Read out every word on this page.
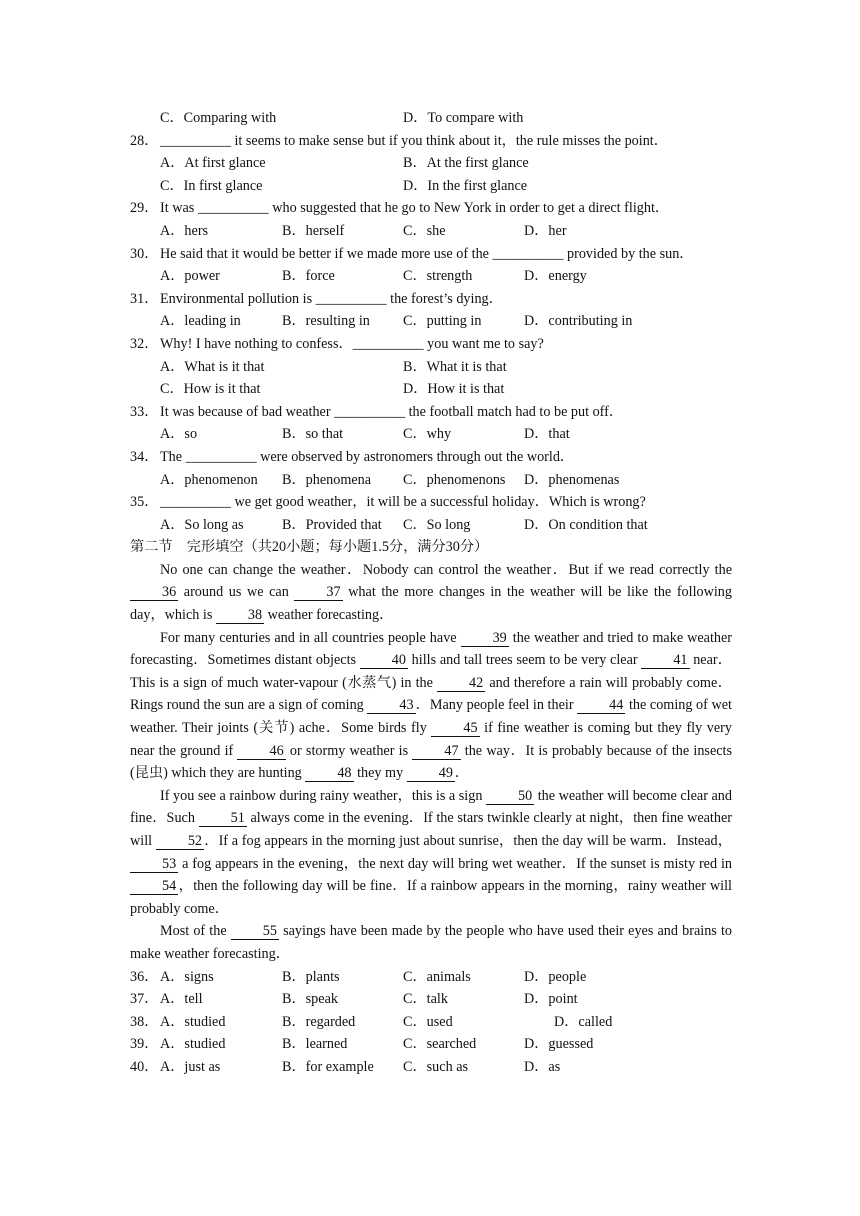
C．Comparing with	D．To compare with
28． __________ it seems to make sense but if you think about it，the rule misses the point．
A．At first glance	B．At the first glance
C．In first glance	D．In the first glance
29． It was __________ who suggested that he go to New York in order to get a direct flight．
A．hers	B．herself	C．she	D．her
30． He said that it would be better if we made more use of the __________ provided by the sun．
A．power	B．force	C．strength	D．energy
31． Environmental pollution is __________ the forest’s dying．
A．leading in	B．resulting in C．putting in	D．contributing in
32． Why! I have nothing to confess．__________ you want me to say?
A．What is it that	B．What it is that
C．How is it that	D．How it is that
33． It was because of bad weather __________ the football match had to be put off．
A．so	B．so that	C．why	D．that
34． The __________ were observed by astronomers through out the world．
A．phenomenon B．phenomena C．phenomenons D．phenomenas
35． __________ we get good weather，it will be a successful holiday．Which is wrong?
A．So long as	B．Provided that C．So long	D．On condition that
第二节　完形填空（共20小题；每小题1.5分，满分30分）

No one can change the weather．Nobody can control the weather．But if we read correctly the 36 around us we can 37 what the more changes in the weather will be like the following day，which is 38 weather forecasting．

For many centuries and in all countries people have 39 the weather and tried to make weather forecasting．Sometimes distant objects 40 hills and tall trees seem to be very clear 41 near．This is a sign of much water-vapour (水蒸气) in the 42 and therefore a rain will probably come．Rings round the sun are a sign of coming 43 ．Many people feel in their 44 the coming of wet weather. Their joints (关节) ache．Some birds fly 45 if fine weather is coming but they fly very near the ground if 46 or stormy weather is 47 the way．It is probably because of the insects (昆虫) which they are hunting 48 they my 49 ．

If you see a rainbow during rainy weather，this is a sign 50 the weather will become clear and fine．Such 51 always come in the evening．If the stars twinkle clearly at night，then fine weather will 52 ．If a fog appears in the morning just about sunrise，then the day will be warm．Instead，53 a fog appears in the evening，the next day will bring wet weather．If the sunset is misty red in 54 ，then the following day will be fine．If a rainbow appears in the morning，rainy weather will probably come．

Most of the 55 sayings have been made by the people who have used their eyes and brains to make weather forecasting．

36． A．signs	B．plants	C．animals	D．people
37． A．tell	B．speak	C．talk	D．point
38． A．studied	B．regarded	C．used	D．called
39． A．studied	B．learned	C．searched	D．guessed
40． A．just as	B．for example C．such as	D．as
